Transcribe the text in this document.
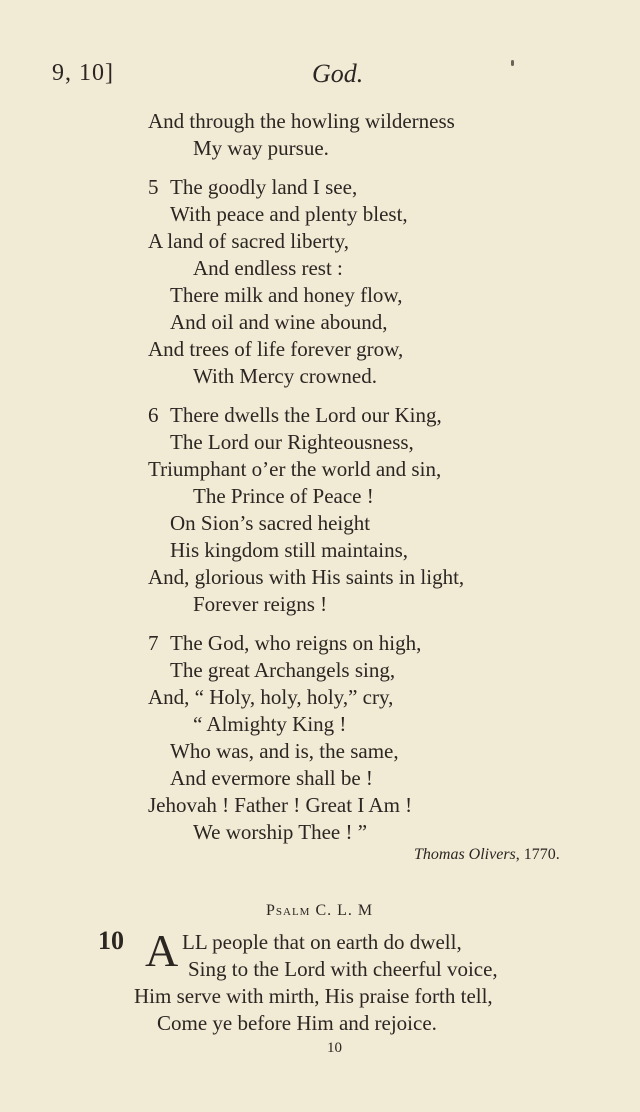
9, 10]	God.
And through the howling wilderness
My way pursue.
5 The goodly land I see,
With peace and plenty blest,
A land of sacred liberty,
And endless rest :
There milk and honey flow,
And oil and wine abound,
And trees of life forever grow,
With Mercy crowned.
6 There dwells the Lord our King,
The Lord our Righteousness,
Triumphant o’er the world and sin,
The Prince of Peace !
On Sion’s sacred height
His kingdom still maintains,
And, glorious with His saints in light,
Forever reigns !
7 The God, who reigns on high,
The great Archangels sing,
And, “ Holy, holy, holy,” cry,
“ Almighty King !
Who was, and is, the same,
And evermore shall be !
Jehovah ! Father ! Great I Am !
We worship Thee ! ”
Thomas Olivers, 1770.
Psalm C. L. M
10 A LL people that on earth do dwell,
Sing to the Lord with cheerful voice,
Him serve with mirth, His praise forth tell,
Come ye before Him and rejoice.
10
